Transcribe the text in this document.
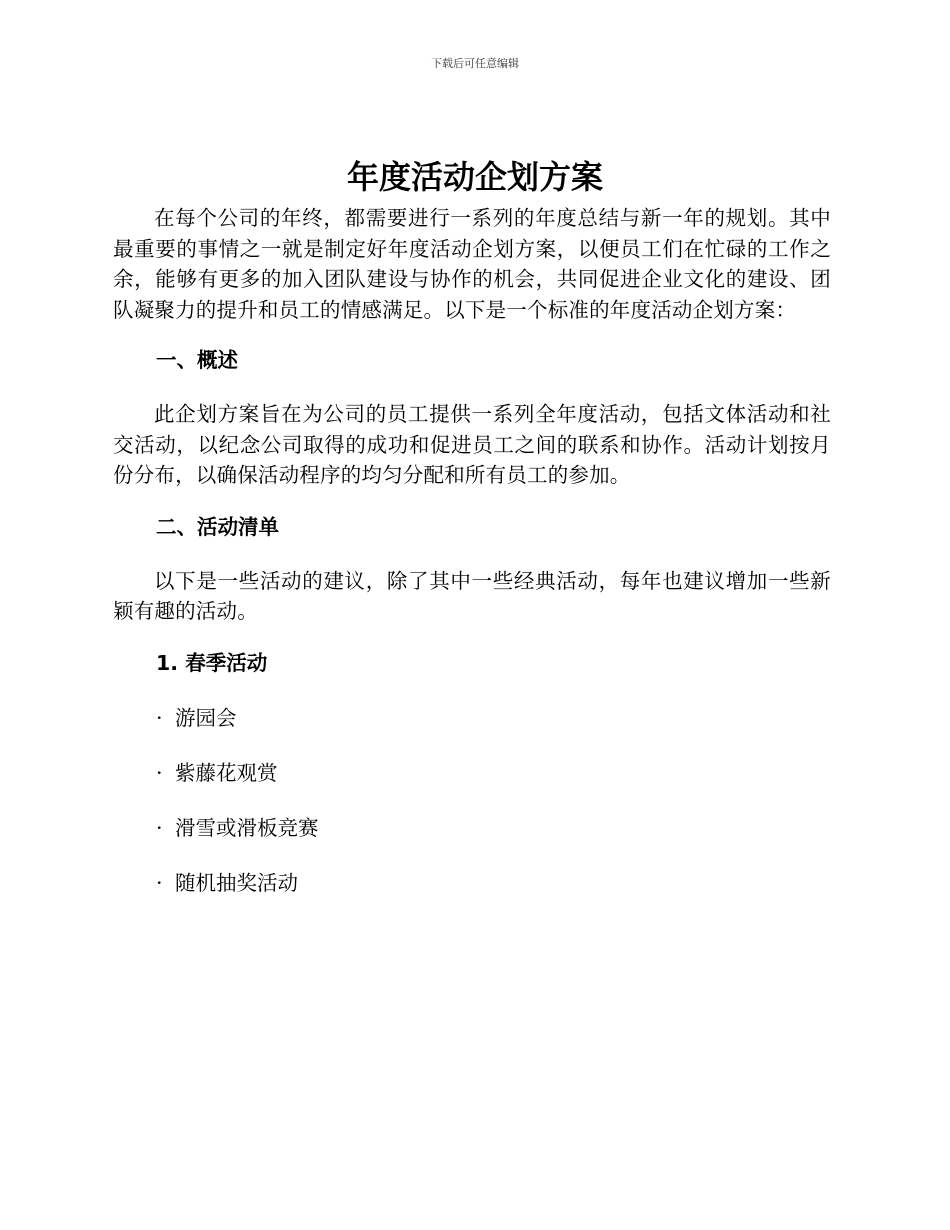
下载后可任意编辑
年度活动企划方案

在每个公司的年终，都需要进行一系列的年度总结与新一年的规划。其中最重要的事情之一就是制定好年度活动企划方案，以便员工们在忙碌的工作之余，能够有更多的加入团队建设与协作的机会，共同促进企业文化的建设、团队凝聚力的提升和员工的情感满足。以下是一个标准的年度活动企划方案：

一、概述

此企划方案旨在为公司的员工提供一系列全年度活动，包括文体活动和社交活动，以纪念公司取得的成功和促进员工之间的联系和协作。活动计划按月份分布，以确保活动程序的均匀分配和所有员工的参加。

二、活动清单

以下是一些活动的建议，除了其中一些经典活动，每年也建议增加一些新颖有趣的活动。

1. 春季活动
· 游园会
· 紫藤花观赏
· 滑雪或滑板竞赛
· 随机抽奖活动
